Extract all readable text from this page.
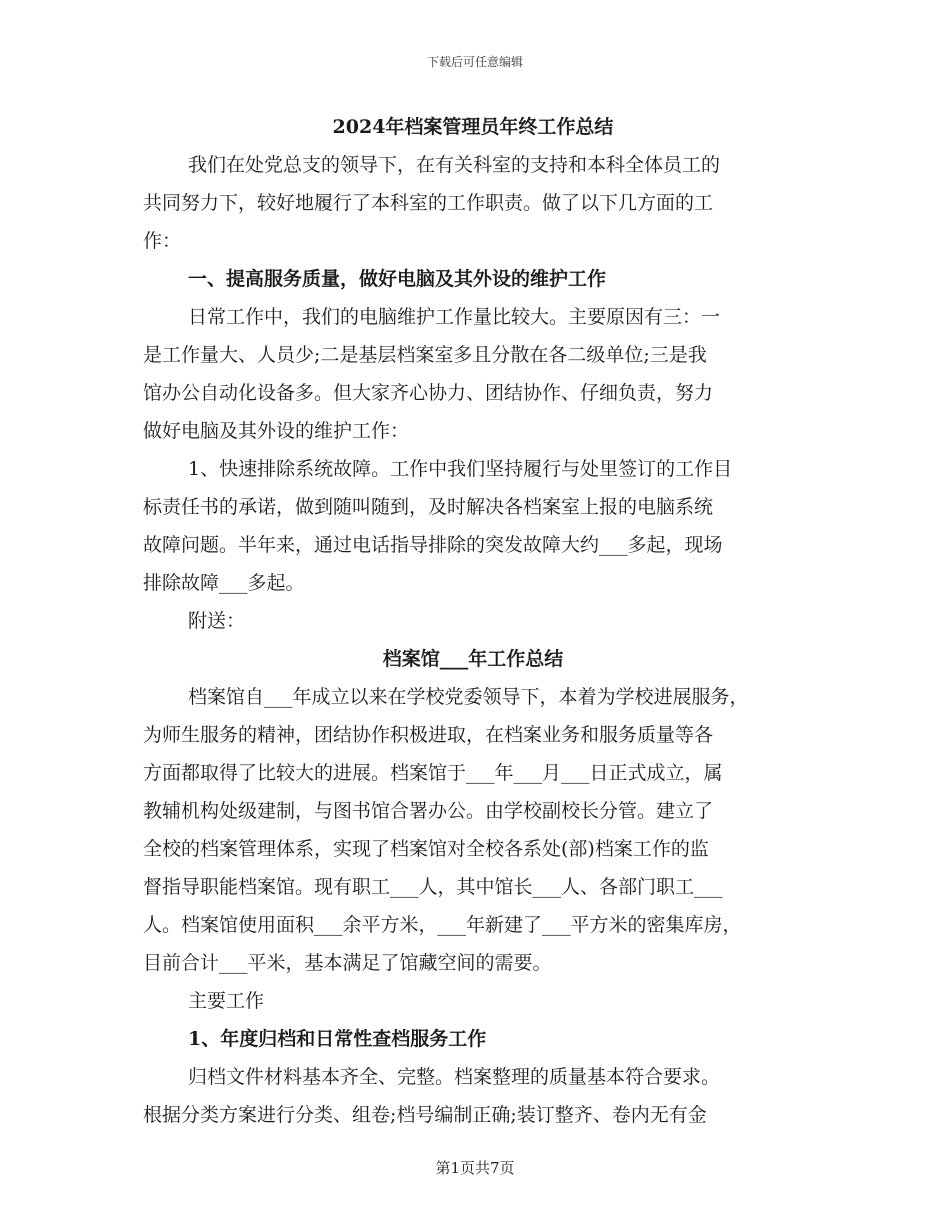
下载后可任意编辑
2024年档案管理员年终工作总结
我们在处党总支的领导下，在有关科室的支持和本科全体员工的
共同努力下，较好地履行了本科室的工作职责。做了以下几方面的工
作：
一、提高服务质量，做好电脑及其外设的维护工作
日常工作中，我们的电脑维护工作量比较大。主要原因有三：一
是工作量大、人员少;二是基层档案室多且分散在各二级单位;三是我
馆办公自动化设备多。但大家齐心协力、团结协作、仔细负责，努力
做好电脑及其外设的维护工作：
1、快速排除系统故障。工作中我们坚持履行与处里签订的工作目
标责任书的承诺，做到随叫随到，及时解决各档案室上报的电脑系统
故障问题。半年来，通过电话指导排除的突发故障大约___多起，现场
排除故障___多起。
附送：
档案馆___年工作总结
档案馆自___年成立以来在学校党委领导下，本着为学校进展服务，
为师生服务的精神，团结协作积极进取，在档案业务和服务质量等各
方面都取得了比较大的进展。档案馆于___年___月___日正式成立，属
教辅机构处级建制，与图书馆合署办公。由学校副校长分管。建立了
全校的档案管理体系，实现了档案馆对全校各系处(部)档案工作的监
督指导职能档案馆。现有职工___人，其中馆长___人、各部门职工___
人。档案馆使用面积___余平方米，___年新建了___平方米的密集库房，
目前合计___平米，基本满足了馆藏空间的需要。
主要工作
1、年度归档和日常性查档服务工作
归档文件材料基本齐全、完整。档案整理的质量基本符合要求。
根据分类方案进行分类、组卷;档号编制正确;装订整齐、卷内无有金
第1页共7页
